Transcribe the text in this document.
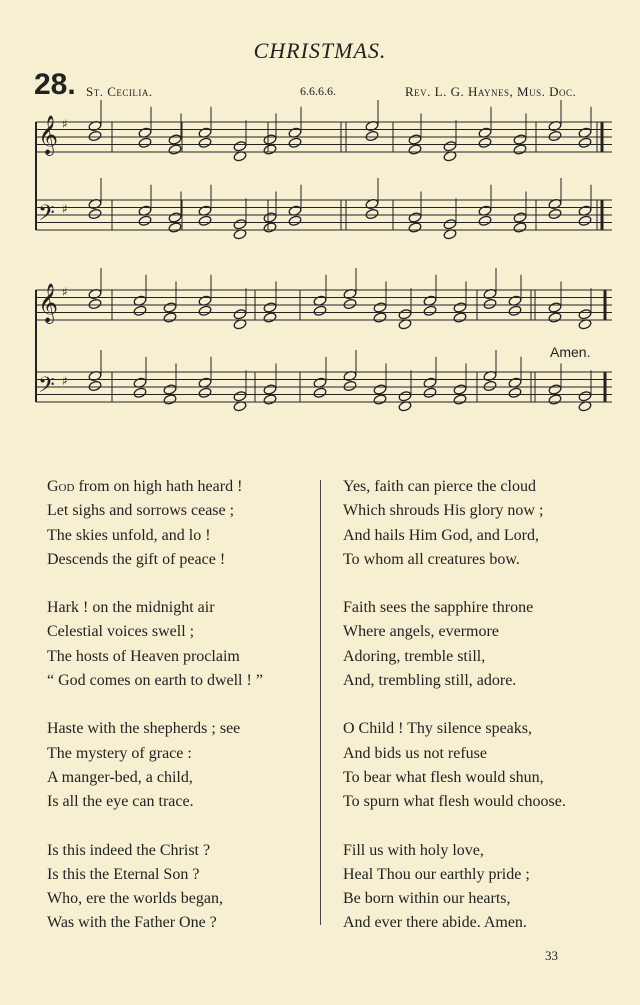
CHRISTMAS.
28. St. Cecilia.	6.6.6.6.	Rev. L. G. Haynes, Mus. Doc.
𝄞 ♯
𝄢 ♯
𝄞 ♯
𝄢 ♯
Amen.
God from on high hath heard !
Let sighs and sorrows cease ;
The skies unfold, and lo !
Descends the gift of peace !
Hark ! on the midnight air
Celestial voices swell ;
The hosts of Heaven proclaim
“ God comes on earth to dwell ! ”
Haste with the shepherds ; see
The mystery of grace :
A manger-bed, a child,
Is all the eye can trace.
Is this indeed the Christ ?
Is this the Eternal Son ?
Who, ere the worlds began,
Was with the Father One ?
Yes, faith can pierce the cloud
Which shrouds His glory now ;
And hails Him God, and Lord,
To whom all creatures bow.
Faith sees the sapphire throne
Where angels, evermore
Adoring, tremble still,
And, trembling still, adore.
O Child ! Thy silence speaks,
And bids us not refuse
To bear what flesh would shun,
To spurn what flesh would choose.
Fill us with holy love,
Heal Thou our earthly pride ;
Be born within our hearts,
And ever there abide. Amen.
33
